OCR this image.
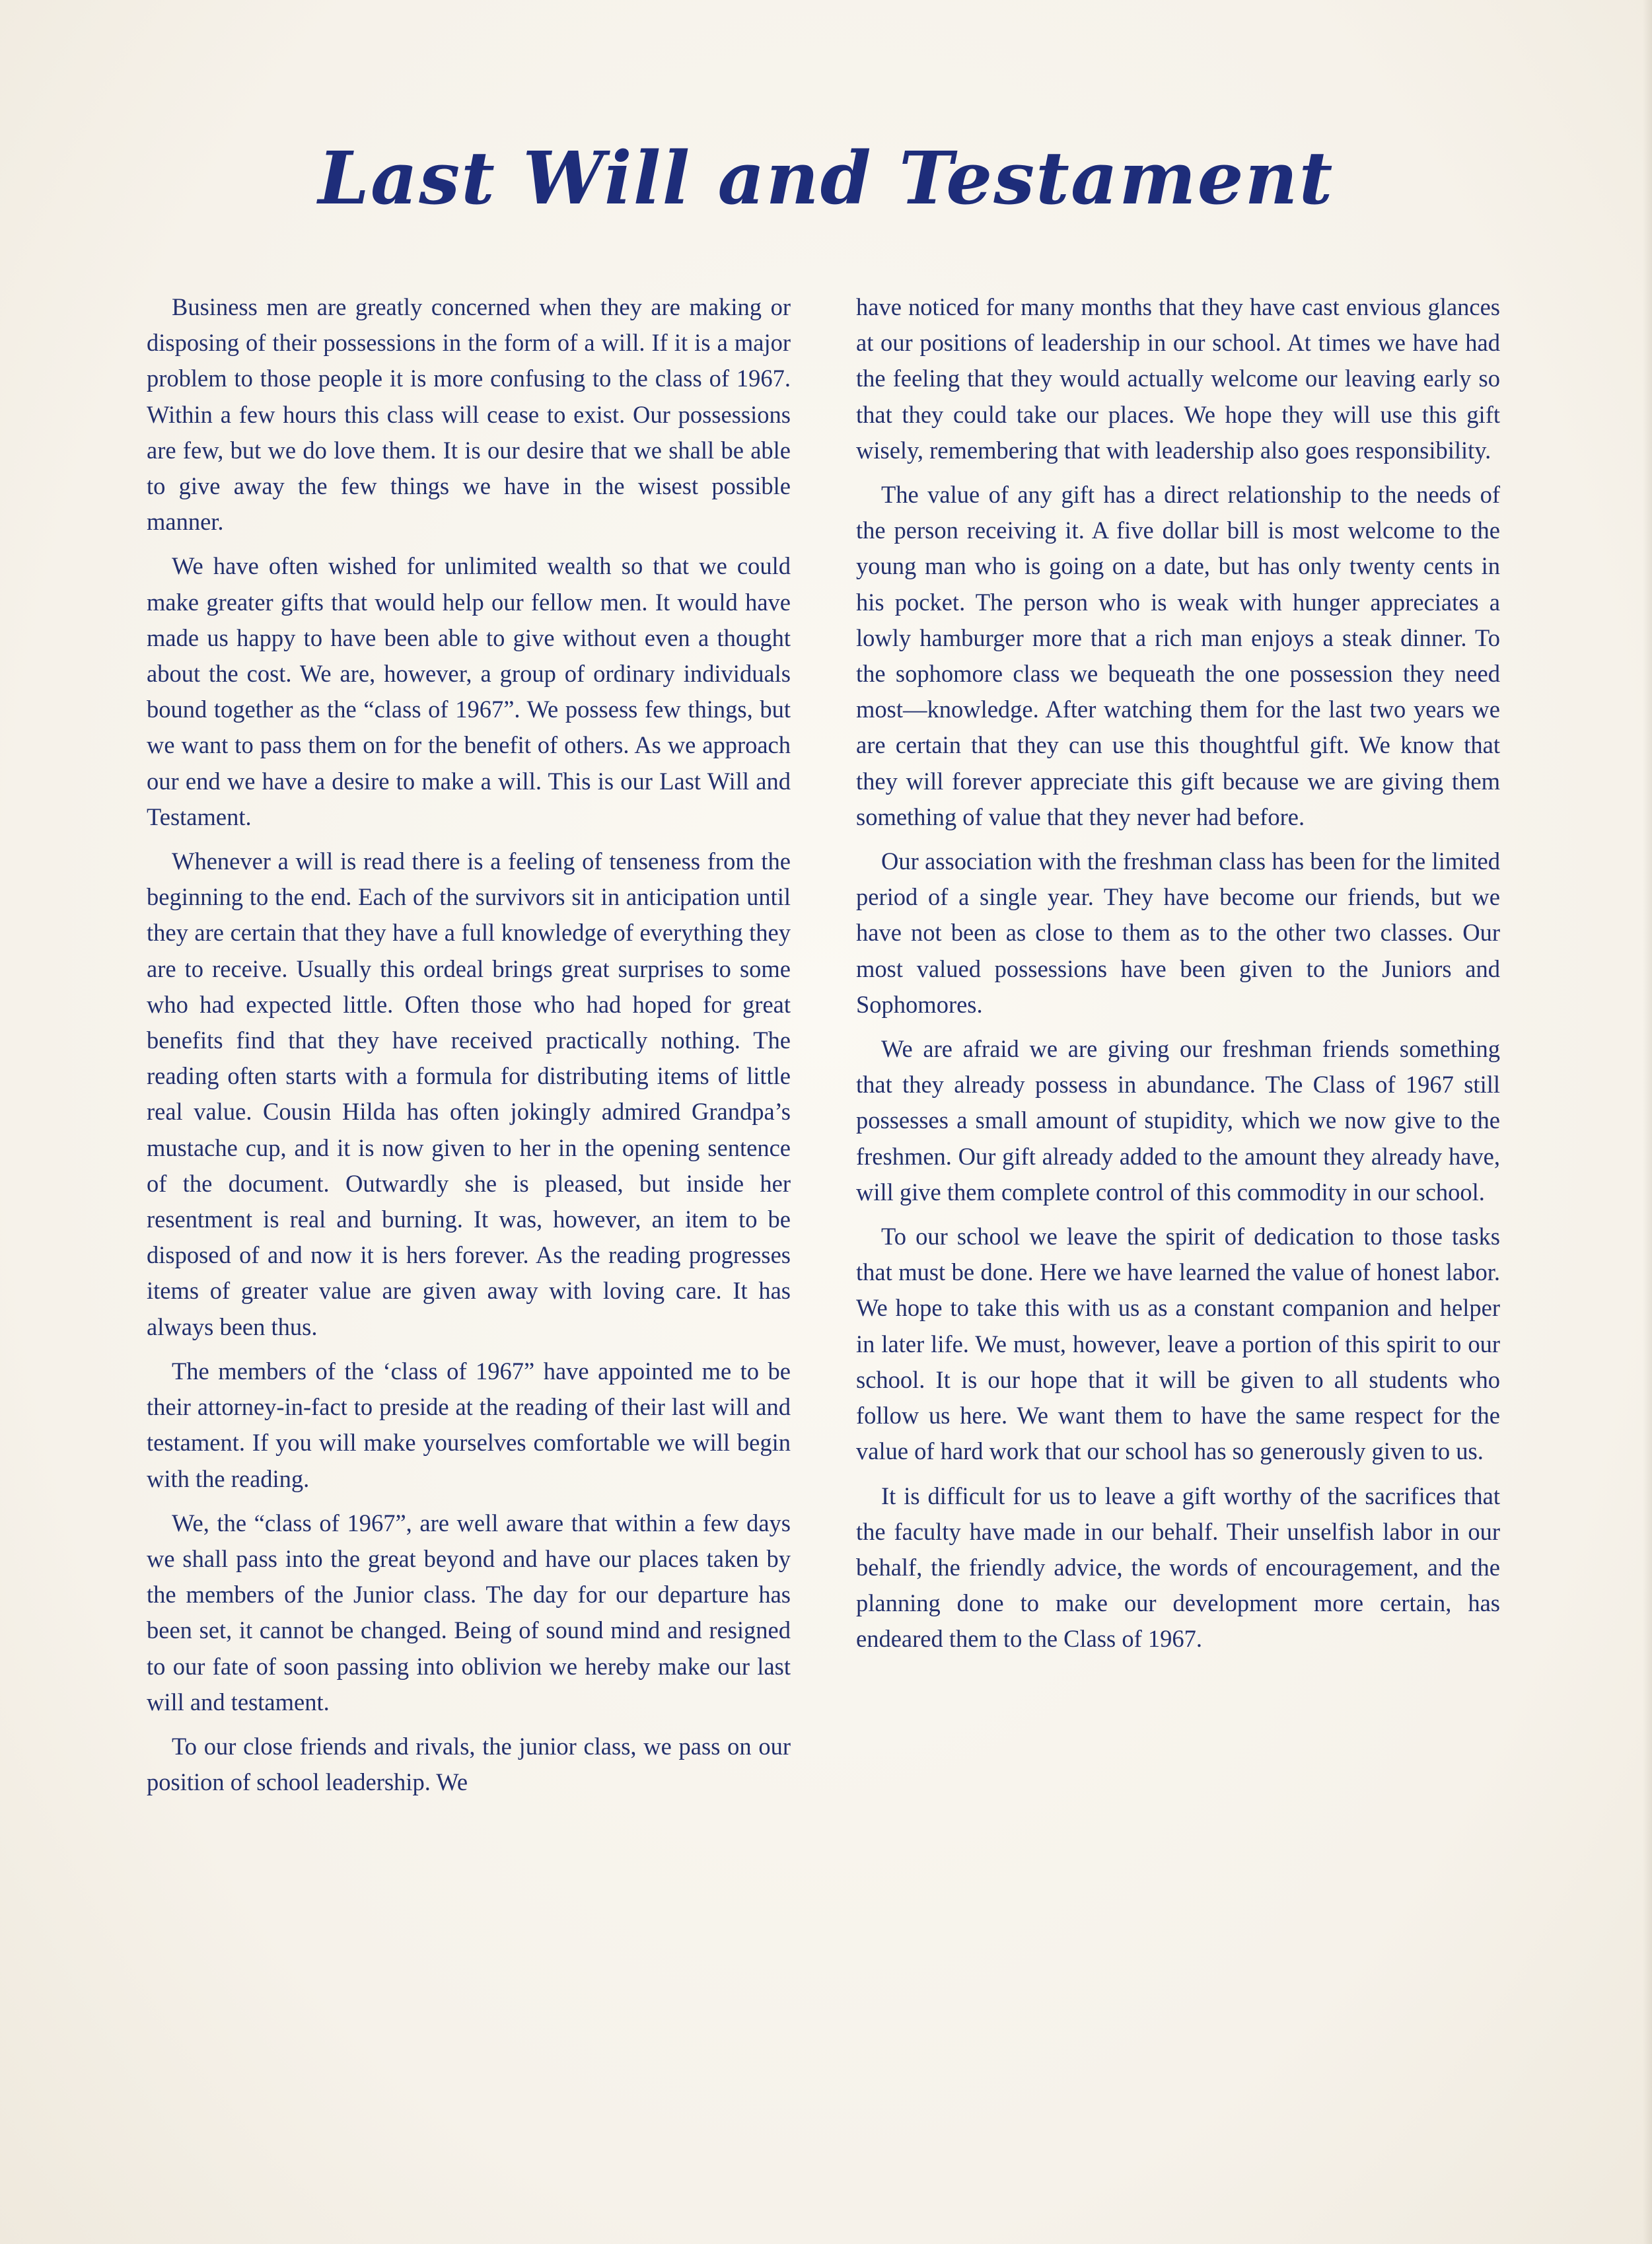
Last Will and Testament

Business men are greatly concerned when they are making or disposing of their possessions in the form of a will. If it is a major problem to those people it is more confusing to the class of 1967. Within a few hours this class will cease to exist. Our possessions are few, but we do love them. It is our desire that we shall be able to give away the few things we have in the wisest possible manner.

We have often wished for unlimited wealth so that we could make greater gifts that would help our fellow men. It would have made us happy to have been able to give without even a thought about the cost. We are, however, a group of ordinary individuals bound together as the “class of 1967”. We possess few things, but we want to pass them on for the benefit of others. As we approach our end we have a desire to make a will. This is our Last Will and Testament.

Whenever a will is read there is a feeling of tenseness from the beginning to the end. Each of the survivors sit in anticipation until they are certain that they have a full knowledge of everything they are to receive. Usually this ordeal brings great surprises to some who had expected little. Often those who had hoped for great benefits find that they have received practically nothing. The reading often starts with a formula for distributing items of little real value. Cousin Hilda has often jokingly admired Grandpa’s mustache cup, and it is now given to her in the opening sentence of the document. Outwardly she is pleased, but inside her resentment is real and burning. It was, however, an item to be disposed of and now it is hers forever. As the reading progresses items of greater value are given away with loving care. It has always been thus.

The members of the ‘class of 1967” have appointed me to be their attorney-in-fact to preside at the reading of their last will and testament. If you will make yourselves comfortable we will begin with the reading.

We, the “class of 1967”, are well aware that within a few days we shall pass into the great beyond and have our places taken by the members of the Junior class. The day for our departure has been set, it cannot be changed. Being of sound mind and resigned to our fate of soon passing into oblivion we hereby make our last will and testament.

To our close friends and rivals, the junior class, we pass on our position of school leadership. We

have noticed for many months that they have cast envious glances at our positions of leadership in our school. At times we have had the feeling that they would actually welcome our leaving early so that they could take our places. We hope they will use this gift wisely, remembering that with leadership also goes responsibility.

The value of any gift has a direct relationship to the needs of the person receiving it. A five dollar bill is most welcome to the young man who is going on a date, but has only twenty cents in his pocket. The person who is weak with hunger appreciates a lowly hamburger more that a rich man enjoys a steak dinner. To the sophomore class we bequeath the one possession they need most—knowledge. After watching them for the last two years we are certain that they can use this thoughtful gift. We know that they will forever appreciate this gift because we are giving them something of value that they never had before.

Our association with the freshman class has been for the limited period of a single year. They have become our friends, but we have not been as close to them as to the other two classes. Our most valued possessions have been given to the Juniors and Sophomores.

We are afraid we are giving our freshman friends something that they already possess in abundance. The Class of 1967 still possesses a small amount of stupidity, which we now give to the freshmen. Our gift already added to the amount they already have, will give them complete control of this commodity in our school.

To our school we leave the spirit of dedication to those tasks that must be done. Here we have learned the value of honest labor. We hope to take this with us as a constant companion and helper in later life. We must, however, leave a portion of this spirit to our school. It is our hope that it will be given to all students who follow us here. We want them to have the same respect for the value of hard work that our school has so generously given to us.

It is difficult for us to leave a gift worthy of the sacrifices that the faculty have made in our behalf. Their unselfish labor in our behalf, the friendly advice, the words of encouragement, and the planning done to make our development more certain, has endeared them to the Class of 1967.
